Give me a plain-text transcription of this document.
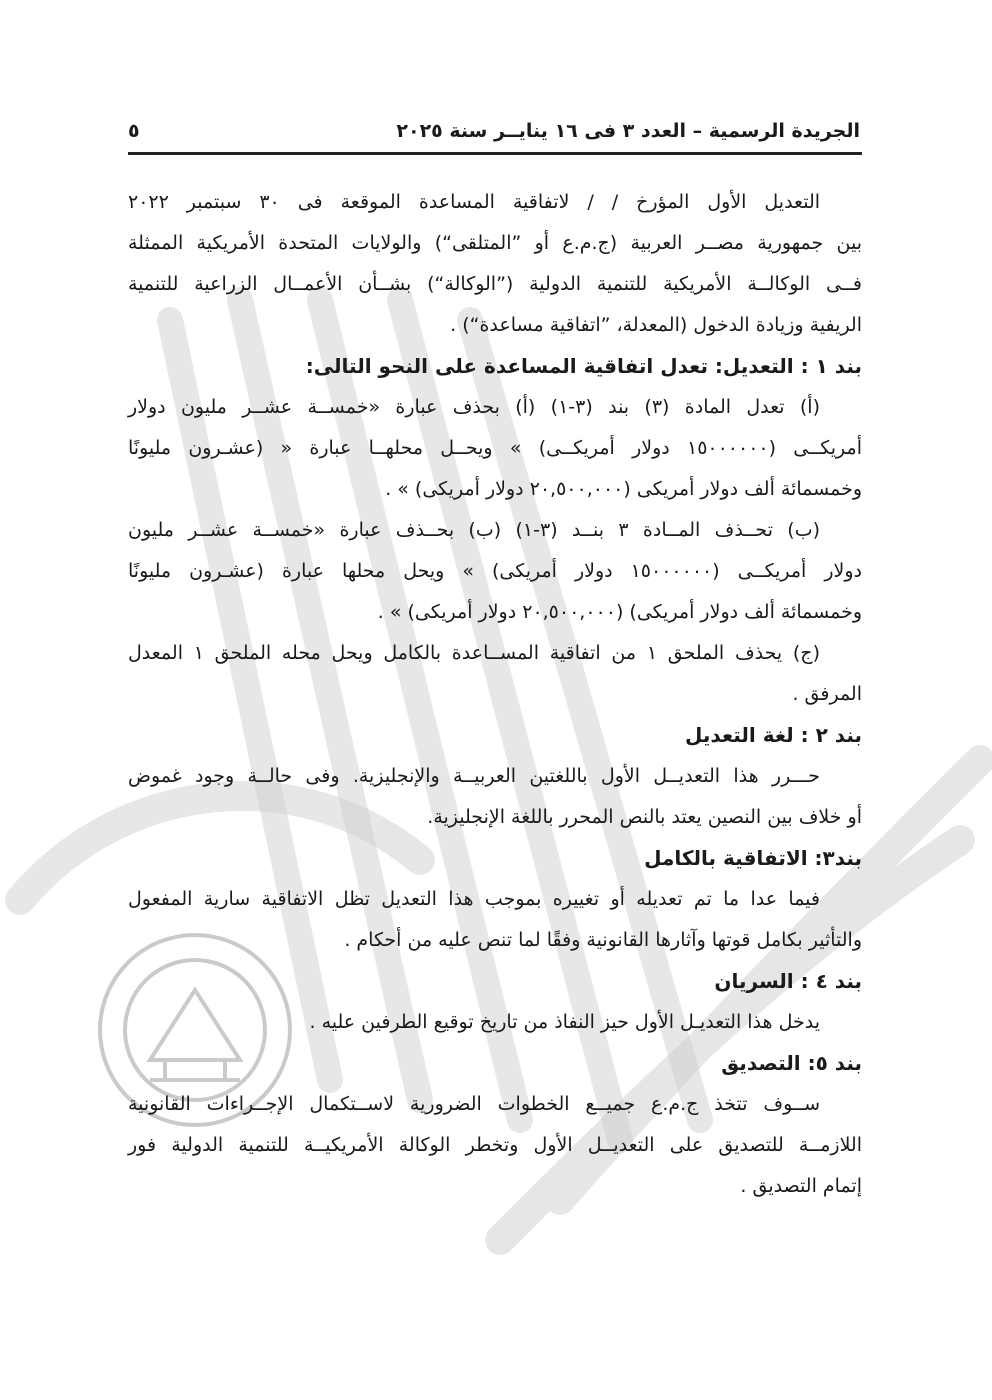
الجريدة الرسمية – العدد ٣ فى ١٦ ينايــر سنة ٢٠٢٥
٥
التعديل الأول المؤرخ / / لاتفاقية المساعدة الموقعة فى ٣٠ سبتمبر ٢٠٢٢
بين جمهورية مصــر العربية (ج.م.ع أو ”المتلقى“) والولايات المتحدة الأمريكية الممثلة
فــى الوكالــة الأمريكية للتنمية الدولية (”الوكالة“) بشــأن الأعمــال الزراعية للتنمية
الريفية وزيادة الدخول (المعدلة، ”اتفاقية مساعدة“) .
بند ١ : التعديل: تعدل اتفاقية المساعدة على النحو التالى:
(أ) تعدل المادة (٣) بند (٣-١) (أ) بحذف عبارة «خمســة عشــر مليون دولار
أمريكــى (١٥٠٠٠٠٠٠ دولار أمريكــى) » ويحــل محلهــا عبارة « (عشـرون مليونًا
وخمسمائة ألف دولار أمريكى (٢٠,٥٠٠,٠٠٠ دولار أمريكى) » .
(ب) تحــذف المــادة ٣ بنــد (٣-١) (ب) بحــذف عبارة «خمســة عشــر مليون
دولار أمريكــى (١٥٠٠٠٠٠٠ دولار أمريكى) » ويحل محلها عبارة (عشـرون مليونًا
وخمسمائة ألف دولار أمريكى) (٢٠,٥٠٠,٠٠٠ دولار أمريكى) » .
(ج) يحذف الملحق ١ من اتفاقية المســاعدة بالكامل ويحل محله الملحق ١ المعدل
المرفق .
بند ٢ : لغة التعديل
حـــرر هذا التعديــل الأول باللغتين العربيــة والإنجليزية. وفى حالــة وجود غموض
أو خلاف بين النصين يعتد بالنص المحرر باللغة الإنجليزية.
بند٣: الاتفاقية بالكامل
فيما عدا ما تم تعديله أو تغييره بموجب هذا التعديل تظل الاتفاقية سارية المفعول
والتأثير بكامل قوتها وآثارها القانونية وفقًا لما تنص عليه من أحكام .
بند ٤ : السريان
يدخل هذا التعديـل الأول حيز النفاذ من تاريخ توقيع الطرفين عليه .
بند ٥: التصديق
ســوف تتخذ ج.م.ع جميــع الخطوات الضرورية لاســتكمال الإجــراءات القانونية
اللازمــة للتصديق على التعديــل الأول وتخطر الوكالة الأمريكيــة للتنمية الدولية فور
إتمام التصديق .
